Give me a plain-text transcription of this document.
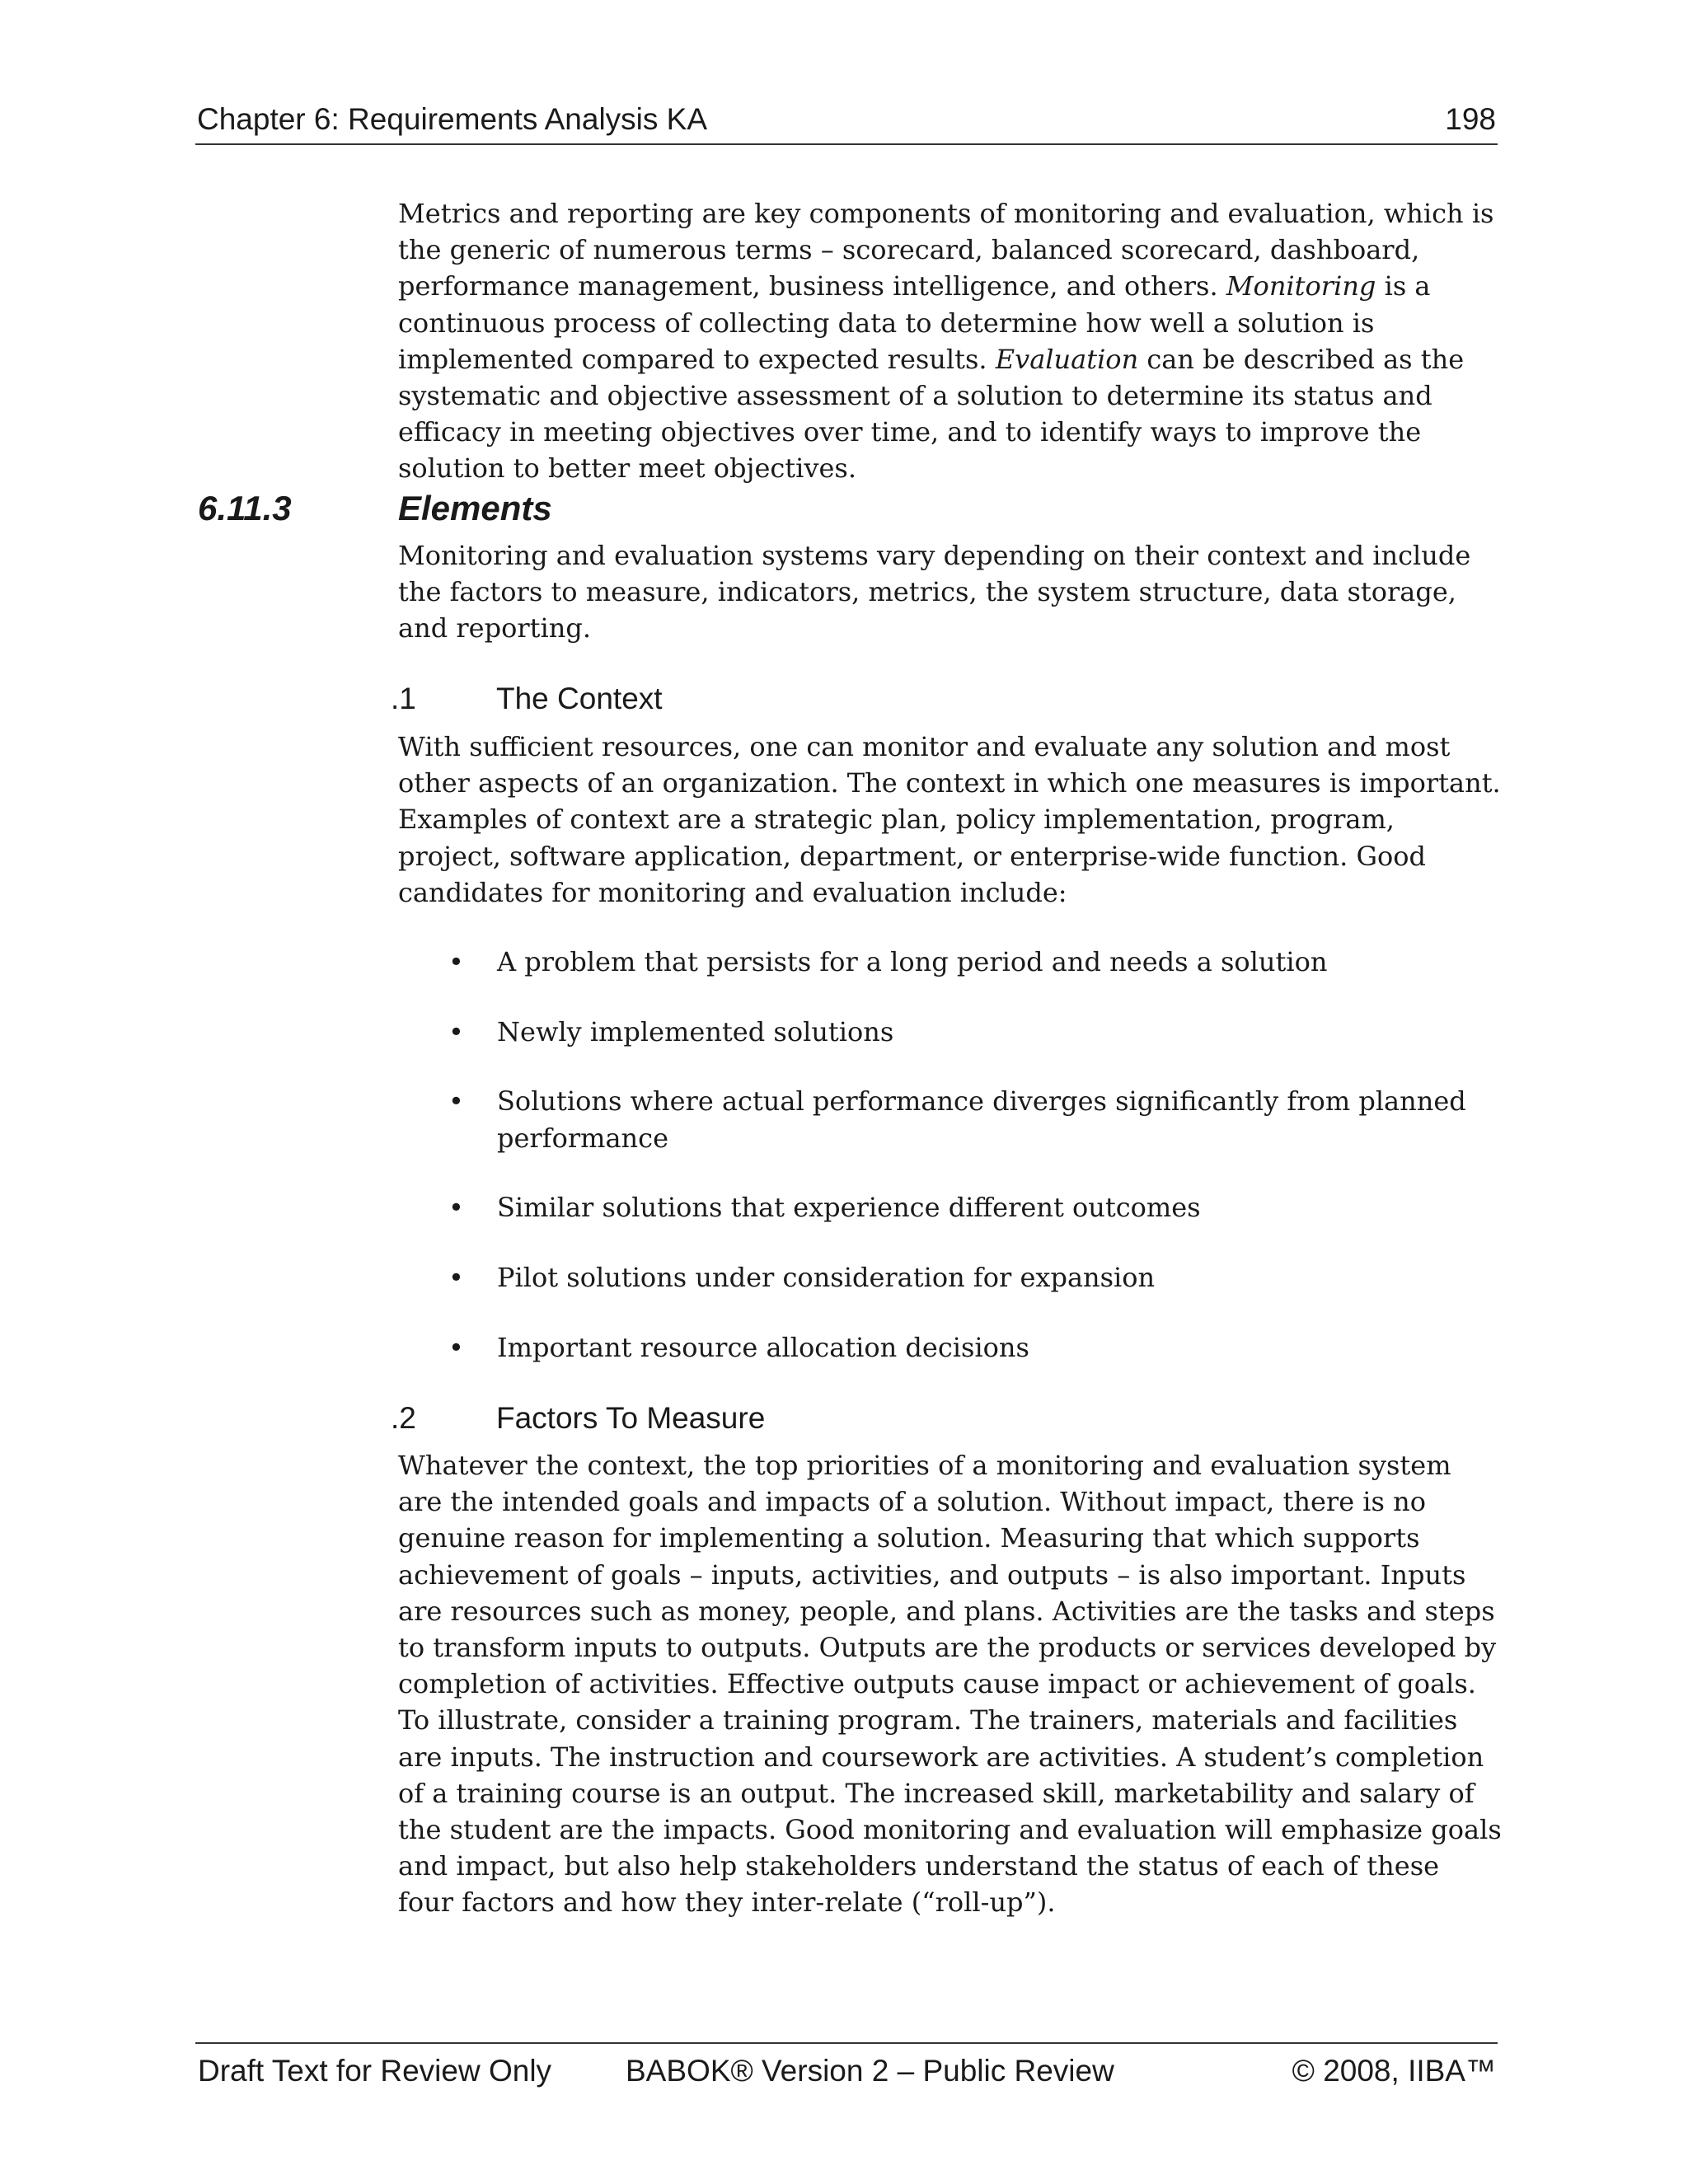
Chapter 6: Requirements Analysis KA	198

Metrics and reporting are key components of monitoring and evaluation, which is the generic of numerous terms – scorecard, balanced scorecard, dashboard, performance management, business intelligence, and others. Monitoring is a continuous process of collecting data to determine how well a solution is implemented compared to expected results. Evaluation can be described as the systematic and objective assessment of a solution to determine its status and efficacy in meeting objectives over time, and to identify ways to improve the solution to better meet objectives.

6.11.3	Elements

Monitoring and evaluation systems vary depending on their context and include the factors to measure, indicators, metrics, the system structure, data storage, and reporting.

.1	The Context

With sufficient resources, one can monitor and evaluate any solution and most other aspects of an organization. The context in which one measures is important. Examples of context are a strategic plan, policy implementation, program, project, software application, department, or enterprise-wide function. Good candidates for monitoring and evaluation include:

• A problem that persists for a long period and needs a solution
• Newly implemented solutions
• Solutions where actual performance diverges significantly from planned performance
• Similar solutions that experience different outcomes
• Pilot solutions under consideration for expansion
• Important resource allocation decisions
.2	Factors To Measure

Whatever the context, the top priorities of a monitoring and evaluation system are the intended goals and impacts of a solution. Without impact, there is no genuine reason for implementing a solution. Measuring that which supports achievement of goals – inputs, activities, and outputs – is also important. Inputs are resources such as money, people, and plans. Activities are the tasks and steps to transform inputs to outputs. Outputs are the products or services developed by completion of activities. Effective outputs cause impact or achievement of goals. To illustrate, consider a training program. The trainers, materials and facilities are inputs. The instruction and coursework are activities. A student’s completion of a training course is an output. The increased skill, marketability and salary of the student are the impacts. Good monitoring and evaluation will emphasize goals and impact, but also help stakeholders understand the status of each of these four factors and how they inter-relate (“roll-up”).

Draft Text for Review Only BABOK® Version 2 – Public Review	© 2008, IIBA™
